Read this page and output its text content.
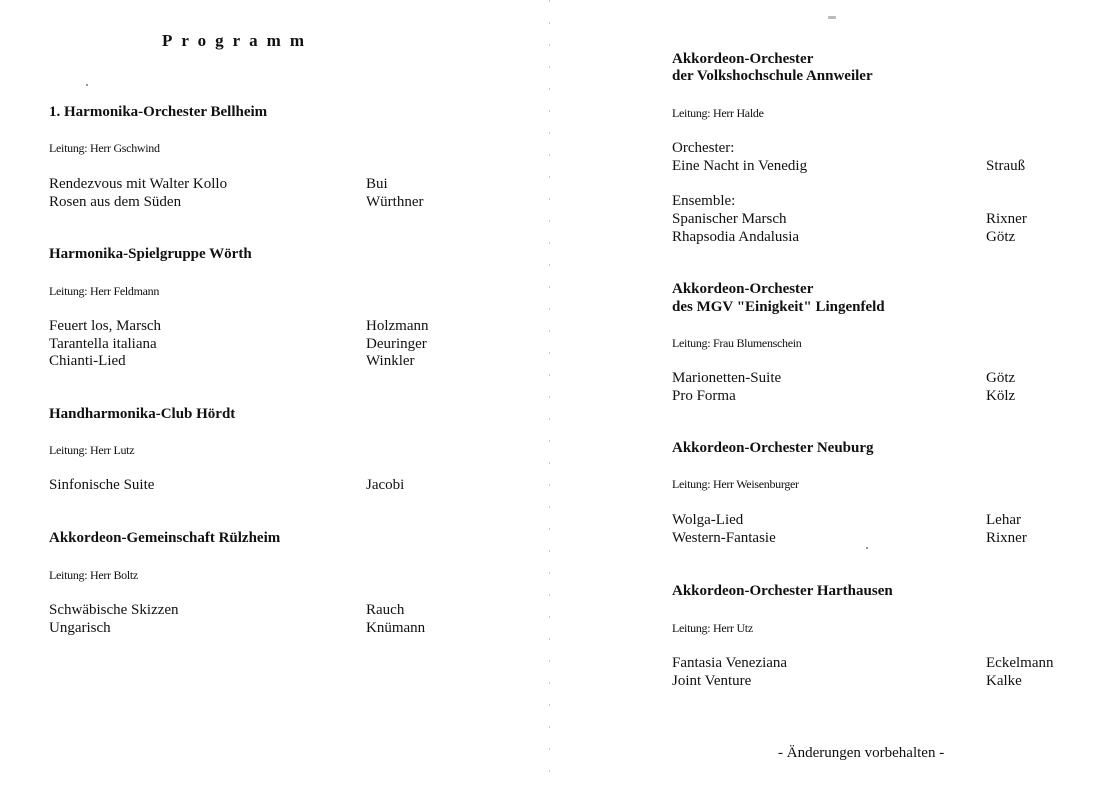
Programm
1. Harmonika-Orchester Bellheim
Leitung: Herr Gschwind
Rendezvous mit Walter Kollo	Bui
Rosen aus dem Süden	Würthner
Harmonika-Spielgruppe Wörth
Leitung: Herr Feldmann
Feuert los, Marsch	Holzmann
Tarantella italiana	Deuringer
Chianti-Lied	Winkler
Handharmonika-Club Hördt
Leitung: Herr Lutz
Sinfonische Suite	Jacobi
Akkordeon-Gemeinschaft Rülzheim
Leitung: Herr Boltz
Schwäbische Skizzen	Rauch
Ungarisch	Knümann
Akkordeon-Orchester
der Volkshochschule Annweiler
Leitung: Herr Halde
Orchester:
Eine Nacht in Venedig	Strauß
Ensemble:
Spanischer Marsch	Rixner
Rhapsodia Andalusia	Götz
Akkordeon-Orchester
des MGV "Einigkeit" Lingenfeld
Leitung: Frau Blumenschein
Marionetten-Suite	Götz
Pro Forma	Kölz
Akkordeon-Orchester Neuburg
Leitung: Herr Weisenburger
Wolga-Lied	Lehar
Western-Fantasie	Rixner
Akkordeon-Orchester Harthausen
Leitung: Herr Utz
Fantasia Veneziana	Eckelmann
Joint Venture	Kalke
- Änderungen vorbehalten -
